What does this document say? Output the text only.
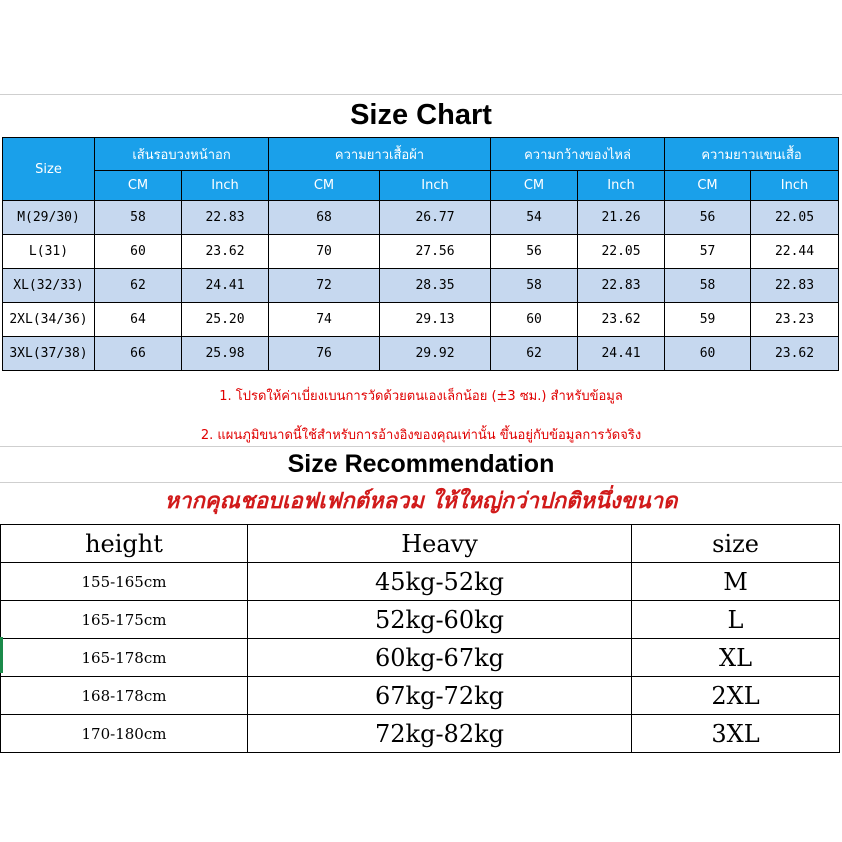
Size Chart
Size	เส้นรอบวงหน้าอก		ความยาวเสื้อผ้า		ความกว้างของไหล่		ความยาวแขนเสื้อ	
	CM	Inch	CM	Inch	CM	Inch	CM	Inch
M(29/30)	58	22.83	68	26.77	54	21.26	56	22.05
L(31)	60	23.62	70	27.56	56	22.05	57	22.44
XL(32/33)	62	24.41	72	28.35	58	22.83	58	22.83
2XL(34/36)	64	25.20	74	29.13	60	23.62	59	23.23
3XL(37/38)	66	25.98	76	29.92	62	24.41	60	23.62
1. โปรดให้ค่าเบี่ยงเบนการวัดด้วยตนเองเล็กน้อย (±3 ซม.) สำหรับข้อมูล
2. แผนภูมิขนาดนี้ใช้สำหรับการอ้างอิงของคุณเท่านั้น ขึ้นอยู่กับข้อมูลการวัดจริง
Size Recommendation
หากคุณชอบเอฟเฟกต์หลวม ให้ใหญ่กว่าปกติหนึ่งขนาด
height	Heavy	size
155-165cm	45kg-52kg	M
165-175cm	52kg-60kg	L
165-178cm	60kg-67kg	XL
168-178cm	67kg-72kg	2XL
170-180cm	72kg-82kg	3XL
